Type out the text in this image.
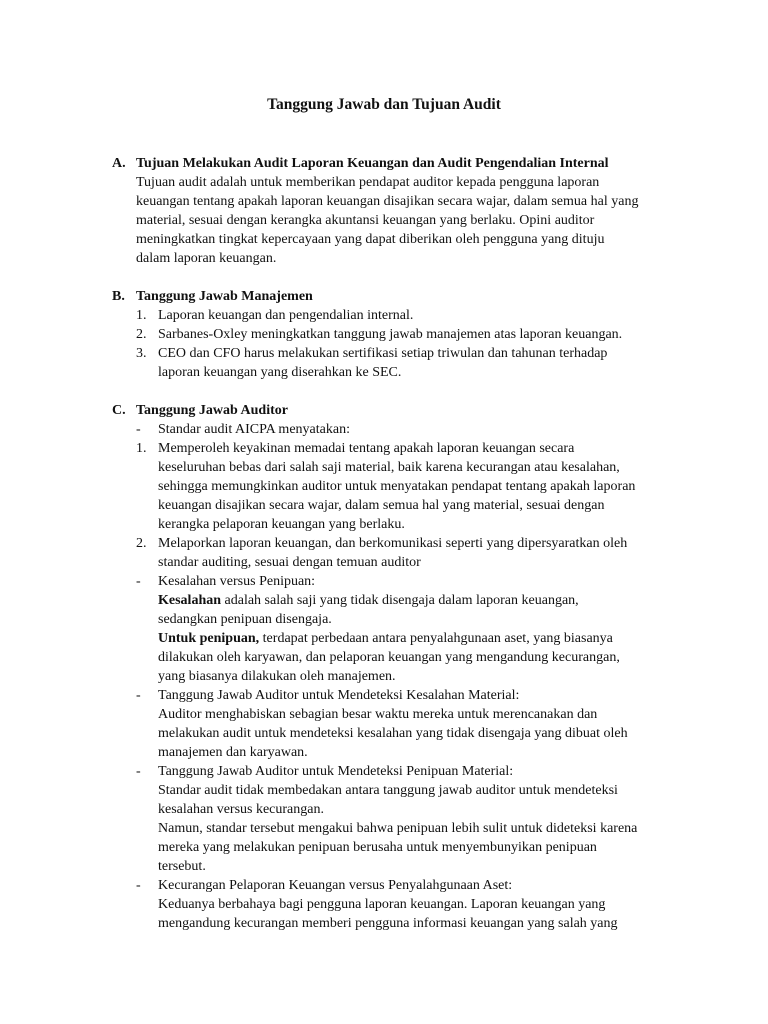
Tanggung Jawab dan Tujuan Audit
A. Tujuan Melakukan Audit Laporan Keuangan dan Audit Pengendalian Internal
Tujuan audit adalah untuk memberikan pendapat auditor kepada pengguna laporan
keuangan tentang apakah laporan keuangan disajikan secara wajar, dalam semua hal yang
material, sesuai dengan kerangka akuntansi keuangan yang berlaku. Opini auditor
meningkatkan tingkat kepercayaan yang dapat diberikan oleh pengguna yang dituju
dalam laporan keuangan.
B. Tanggung Jawab Manajemen
1. Laporan keuangan dan pengendalian internal.
2. Sarbanes-Oxley meningkatkan tanggung jawab manajemen atas laporan keuangan.
3. CEO dan CFO harus melakukan sertifikasi setiap triwulan dan tahunan terhadap
laporan keuangan yang diserahkan ke SEC.
C. Tanggung Jawab Auditor
- Standar audit AICPA menyatakan:
1. Memperoleh keyakinan memadai tentang apakah laporan keuangan secara
keseluruhan bebas dari salah saji material, baik karena kecurangan atau kesalahan,
sehingga memungkinkan auditor untuk menyatakan pendapat tentang apakah laporan
keuangan disajikan secara wajar, dalam semua hal yang material, sesuai dengan
kerangka pelaporan keuangan yang berlaku.
2. Melaporkan laporan keuangan, dan berkomunikasi seperti yang dipersyaratkan oleh
standar auditing, sesuai dengan temuan auditor
- Kesalahan versus Penipuan:
Kesalahan adalah salah saji yang tidak disengaja dalam laporan keuangan,
sedangkan penipuan disengaja.
Untuk penipuan, terdapat perbedaan antara penyalahgunaan aset, yang biasanya
dilakukan oleh karyawan, dan pelaporan keuangan yang mengandung kecurangan,
yang biasanya dilakukan oleh manajemen.
- Tanggung Jawab Auditor untuk Mendeteksi Kesalahan Material:
Auditor menghabiskan sebagian besar waktu mereka untuk merencanakan dan
melakukan audit untuk mendeteksi kesalahan yang tidak disengaja yang dibuat oleh
manajemen dan karyawan.
- Tanggung Jawab Auditor untuk Mendeteksi Penipuan Material:
Standar audit tidak membedakan antara tanggung jawab auditor untuk mendeteksi
kesalahan versus kecurangan.
Namun, standar tersebut mengakui bahwa penipuan lebih sulit untuk dideteksi karena
mereka yang melakukan penipuan berusaha untuk menyembunyikan penipuan
tersebut.
- Kecurangan Pelaporan Keuangan versus Penyalahgunaan Aset:
Keduanya berbahaya bagi pengguna laporan keuangan. Laporan keuangan yang
mengandung kecurangan memberi pengguna informasi keuangan yang salah yang
